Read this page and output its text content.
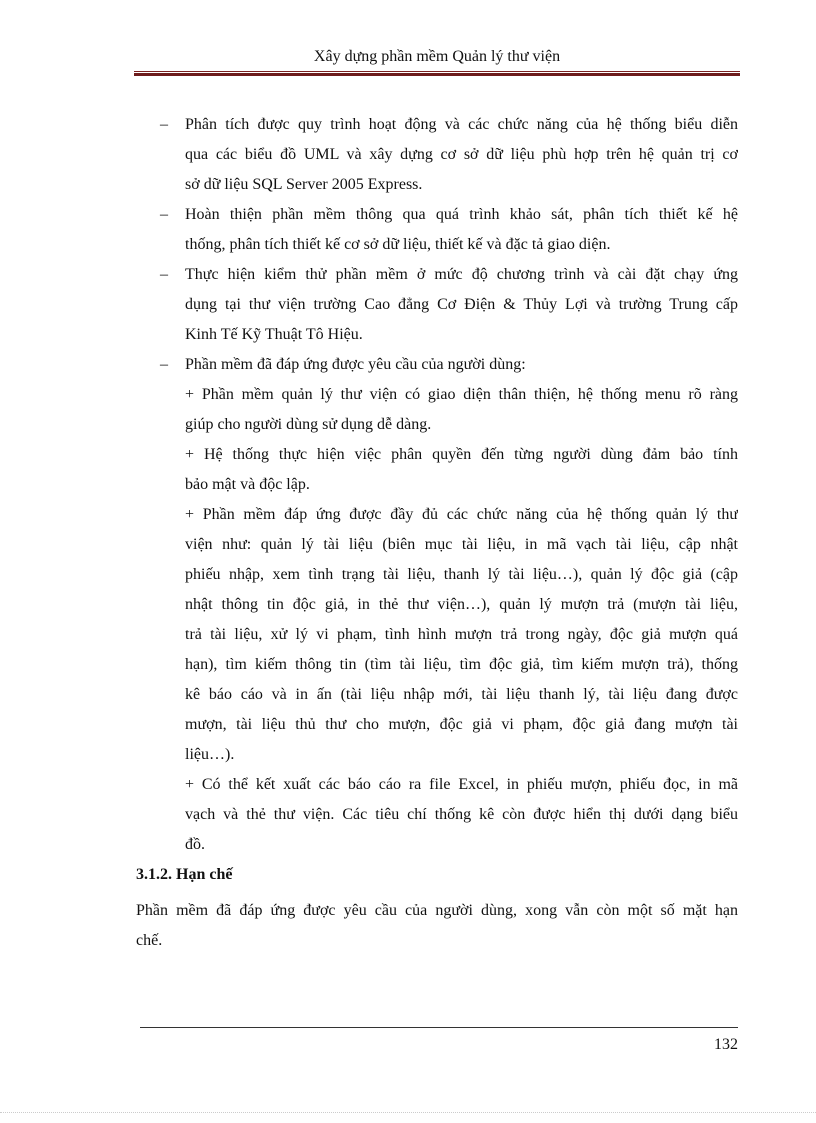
Xây dựng phần mềm Quản lý thư viện
– Phân tích được quy trình hoạt động và các chức năng của hệ thống biểu diễn
qua các biểu đồ UML và xây dựng cơ sở dữ liệu phù hợp trên hệ quản trị cơ
sở dữ liệu SQL Server 2005 Express.
– Hoàn thiện phần mềm thông qua quá trình khảo sát, phân tích thiết kế hệ
thống, phân tích thiết kế cơ sở dữ liệu, thiết kế và đặc tả giao diện.
– Thực hiện kiểm thử phần mềm ở mức độ chương trình và cài đặt chạy ứng
dụng tại thư viện trường Cao đẳng Cơ Điện & Thủy Lợi và trường Trung cấp
Kinh Tế Kỹ Thuật Tô Hiệu.
– Phần mềm đã đáp ứng được yêu cầu của người dùng:
+ Phần mềm quản lý thư viện có giao diện thân thiện, hệ thống menu rõ ràng
giúp cho người dùng sử dụng dễ dàng.
+ Hệ thống thực hiện việc phân quyền đến từng người dùng đảm bảo tính
bảo mật và độc lập.
+ Phần mềm đáp ứng được đầy đủ các chức năng của hệ thống quản lý thư
viện như: quản lý tài liệu (biên mục tài liệu, in mã vạch tài liệu, cập nhật
phiếu nhập, xem tình trạng tài liệu, thanh lý tài liệu…), quản lý độc giả (cập
nhật thông tin độc giả, in thẻ thư viện…), quản lý mượn trả (mượn tài liệu,
trả tài liệu, xử lý vi phạm, tình hình mượn trả trong ngày, độc giả mượn quá
hạn), tìm kiếm thông tin (tìm tài liệu, tìm độc giả, tìm kiếm mượn trả), thống
kê báo cáo và in ấn (tài liệu nhập mới, tài liệu thanh lý, tài liệu đang được
mượn, tài liệu thủ thư cho mượn, độc giả vi phạm, độc giả đang mượn tài
liệu…).
+ Có thể kết xuất các báo cáo ra file Excel, in phiếu mượn, phiếu đọc, in mã
vạch và thẻ thư viện. Các tiêu chí thống kê còn được hiển thị dưới dạng biểu
đồ.
3.1.2. Hạn chế
Phần mềm đã đáp ứng được yêu cầu của người dùng, xong vẫn còn một số mặt hạn
chế.
132
